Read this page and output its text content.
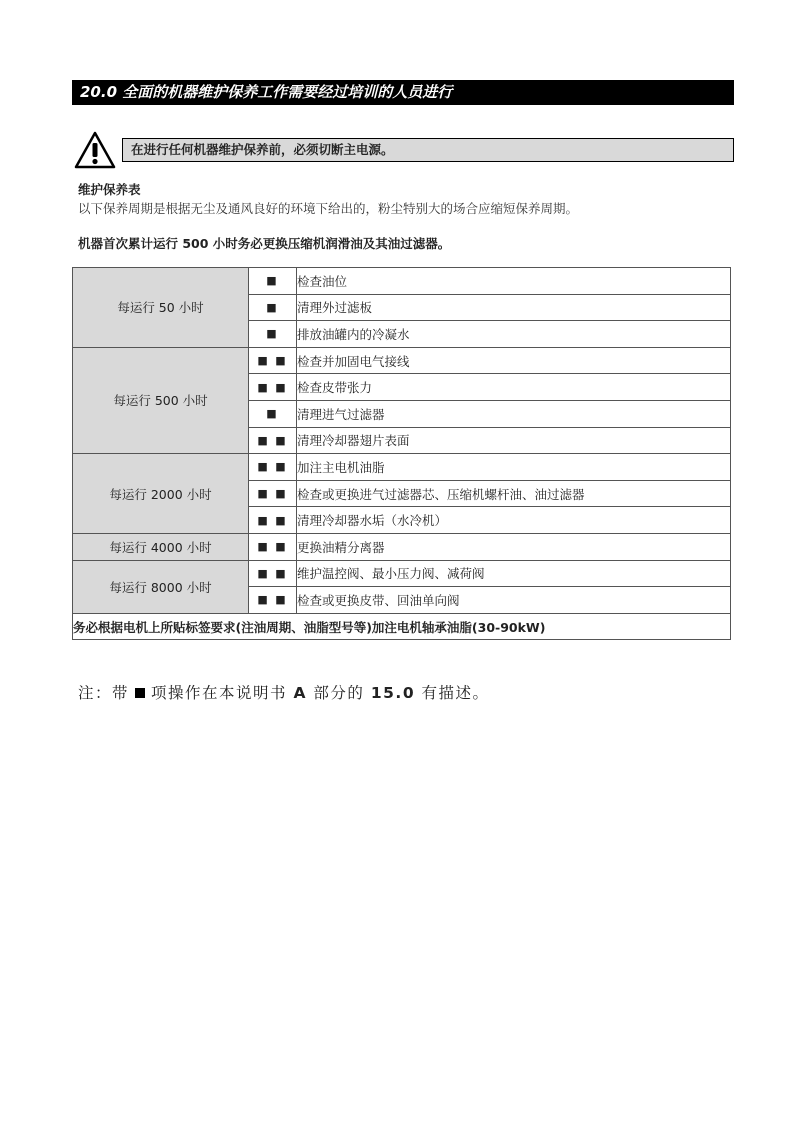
20.0 全面的机器维护保养工作需要经过培训的人员进行
在进行任何机器维护保养前，必须切断主电源。
维护保养表
以下保养周期是根据无尘及通风良好的环境下给出的，粉尘特别大的场合应缩短保养周期。
机器首次累计运行 500 小时务必更换压缩机润滑油及其油过滤器。
每运行 50 小时	■	检查油位
	■	清理外过滤板
	■	排放油罐内的冷凝水
每运行 500 小时	■ ■	检查并加固电气接线
	■ ■	检查皮带张力
	■	清理进气过滤器
	■ ■	清理冷却器翅片表面
每运行 2000 小时	■ ■	加注主电机油脂
	■ ■	检查或更换进气过滤器芯、压缩机螺杆油、油过滤器
	■ ■	清理冷却器水垢（水冷机）
每运行 4000 小时	■ ■	更换油精分离器
每运行 8000 小时	■ ■	维护温控阀、最小压力阀、减荷阀
	■ ■	检查或更换皮带、回油单向阀
务必根据电机上所贴标签要求(注油周期、油脂型号等)加注电机轴承油脂(30-90kW)		
注：带 项操作在本说明书 A 部分的 15.0 有描述。
